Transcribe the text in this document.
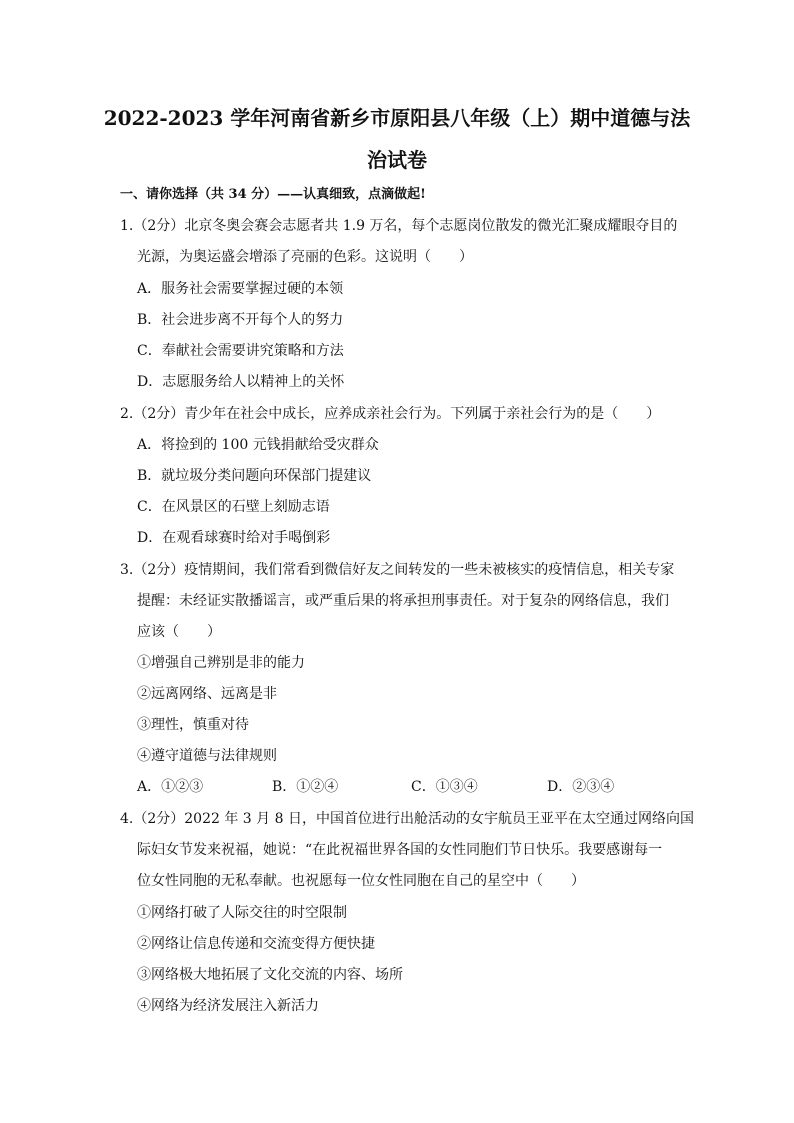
2022-2023 学年河南省新乡市原阳县八年级（上）期中道德与法
治试卷
一、请你选择（共 34 分）——认真细致，点滴做起!
1.（2分）北京冬奥会赛会志愿者共 1.9 万名，每个志愿岗位散发的微光汇聚成耀眼夺目的
光源，为奥运盛会增添了亮丽的色彩。这说明（　　）
A．服务社会需要掌握过硬的本领
B．社会进步离不开每个人的努力
C．奉献社会需要讲究策略和方法
D．志愿服务给人以精神上的关怀
2.（2分）青少年在社会中成长，应养成亲社会行为。下列属于亲社会行为的是（　　）
A．将捡到的 100 元钱捐献给受灾群众
B．就垃圾分类问题向环保部门提建议
C．在风景区的石壁上刻励志语
D．在观看球赛时给对手喝倒彩
3.（2分）疫情期间，我们常看到微信好友之间转发的一些未被核实的疫情信息，相关专家
提醒：未经证实散播谣言，或严重后果的将承担刑事责任。对于复杂的网络信息，我们
应该（　　）
①增强自己辨别是非的能力
②远离网络、远离是非
③理性，慎重对待
④遵守道德与法律规则
A．①②③	B．①②④	C．①③④	D．②③④
4.（2分）2022 年 3 月 8 日，中国首位进行出舱活动的女宇航员王亚平在太空通过网络向国
际妇女节发来祝福，她说：“在此祝福世界各国的女性同胞们节日快乐。我要感谢每一
位女性同胞的无私奉献。也祝愿每一位女性同胞在自己的星空中（　　）
①网络打破了人际交往的时空限制
②网络让信息传递和交流变得方便快捷
③网络极大地拓展了文化交流的内容、场所
④网络为经济发展注入新活力
